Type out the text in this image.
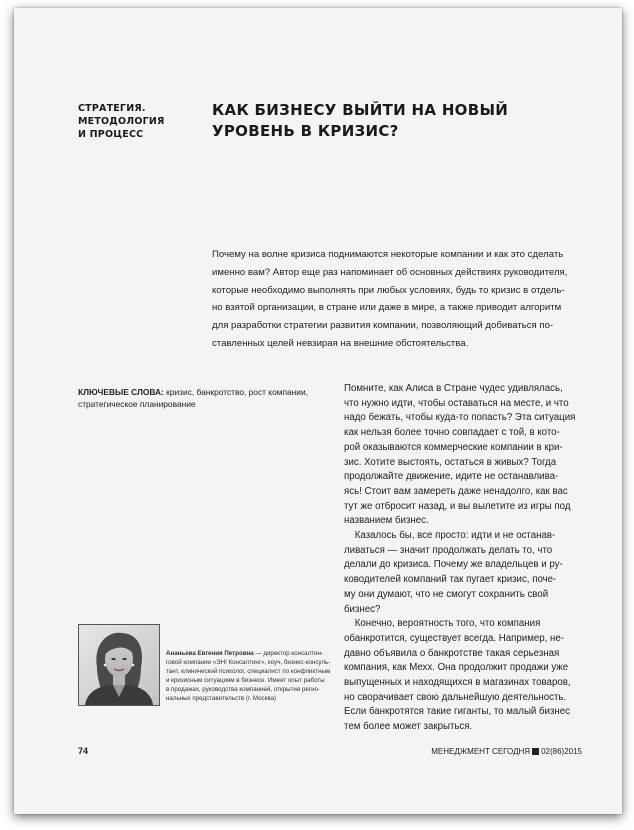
СТРАТЕГИЯ.
МЕТОДОЛОГИЯ
И ПРОЦЕСС
КАК БИЗНЕСУ ВЫЙТИ НА НОВЫЙ
УРОВЕНЬ В КРИЗИС?
Почему на волне кризиса поднимаются некоторые компании и как это сделать
именно вам? Автор еще раз напоминает об основных действиях руководителя,
которые необходимо выполнять при любых условиях, будь то кризис в отдель-
но взятой организации, в стране или даже в мире, а также приводит алгоритм
для разработки стратегии развития компании, позволяющий добиваться по-
ставленных целей невзирая на внешние обстоятельства.
КЛЮЧЕВЫЕ СЛОВА: кризис, банкротство, рост компании,
стратегическое планирование
Помните, как Алиса в Стране чудес удивлялась,
что нужно идти, чтобы оставаться на месте, и что
надо бежать, чтобы куда-то попасть? Эта ситуация
как нельзя более точно совпадает с той, в кото-
рой оказываются коммерческие компании в кри-
зис. Хотите выстоять, остаться в живых? Тогда
продолжайте движение, идите не останавлива-
ясь! Стоит вам замереть даже ненадолго, как вас
тут же отбросит назад, и вы вылетите из игры под
названием бизнес.
Казалось бы, все просто: идти и не останав-
ливаться — значит продолжать делать то, что
делали до кризиса. Почему же владельцев и ру-
ководителей компаний так пугает кризис, поче-
му они думают, что не смогут сохранить свой
бизнес?
Конечно, вероятность того, что компания
обанкротится, существует всегда. Например, не-
давно объявила о банкротстве такая серьезная
компания, как Мехх. Она продолжит продажи уже
выпущенных и находящихся в магазинах товаров,
но сворачивает свою дальнейшую деятельность.
Если банкротятся такие гиганты, то малый бизнес
тем более может закрыться.
Ананьева Евгения Петровна — директор консалтин-
говой компании «ЭН! Консалтинг», коуч, бизнес-консуль-
тант, клинический психолог, специалист по конфликтным
и кризисным ситуациям в бизнесе. Имеет опыт работы
в продажах, руководства компанией, открытия регио-
нальных представительств (г. Москва)
74	МЕНЕДЖМЕНТ СЕГОДНЯ 02(86)2015
